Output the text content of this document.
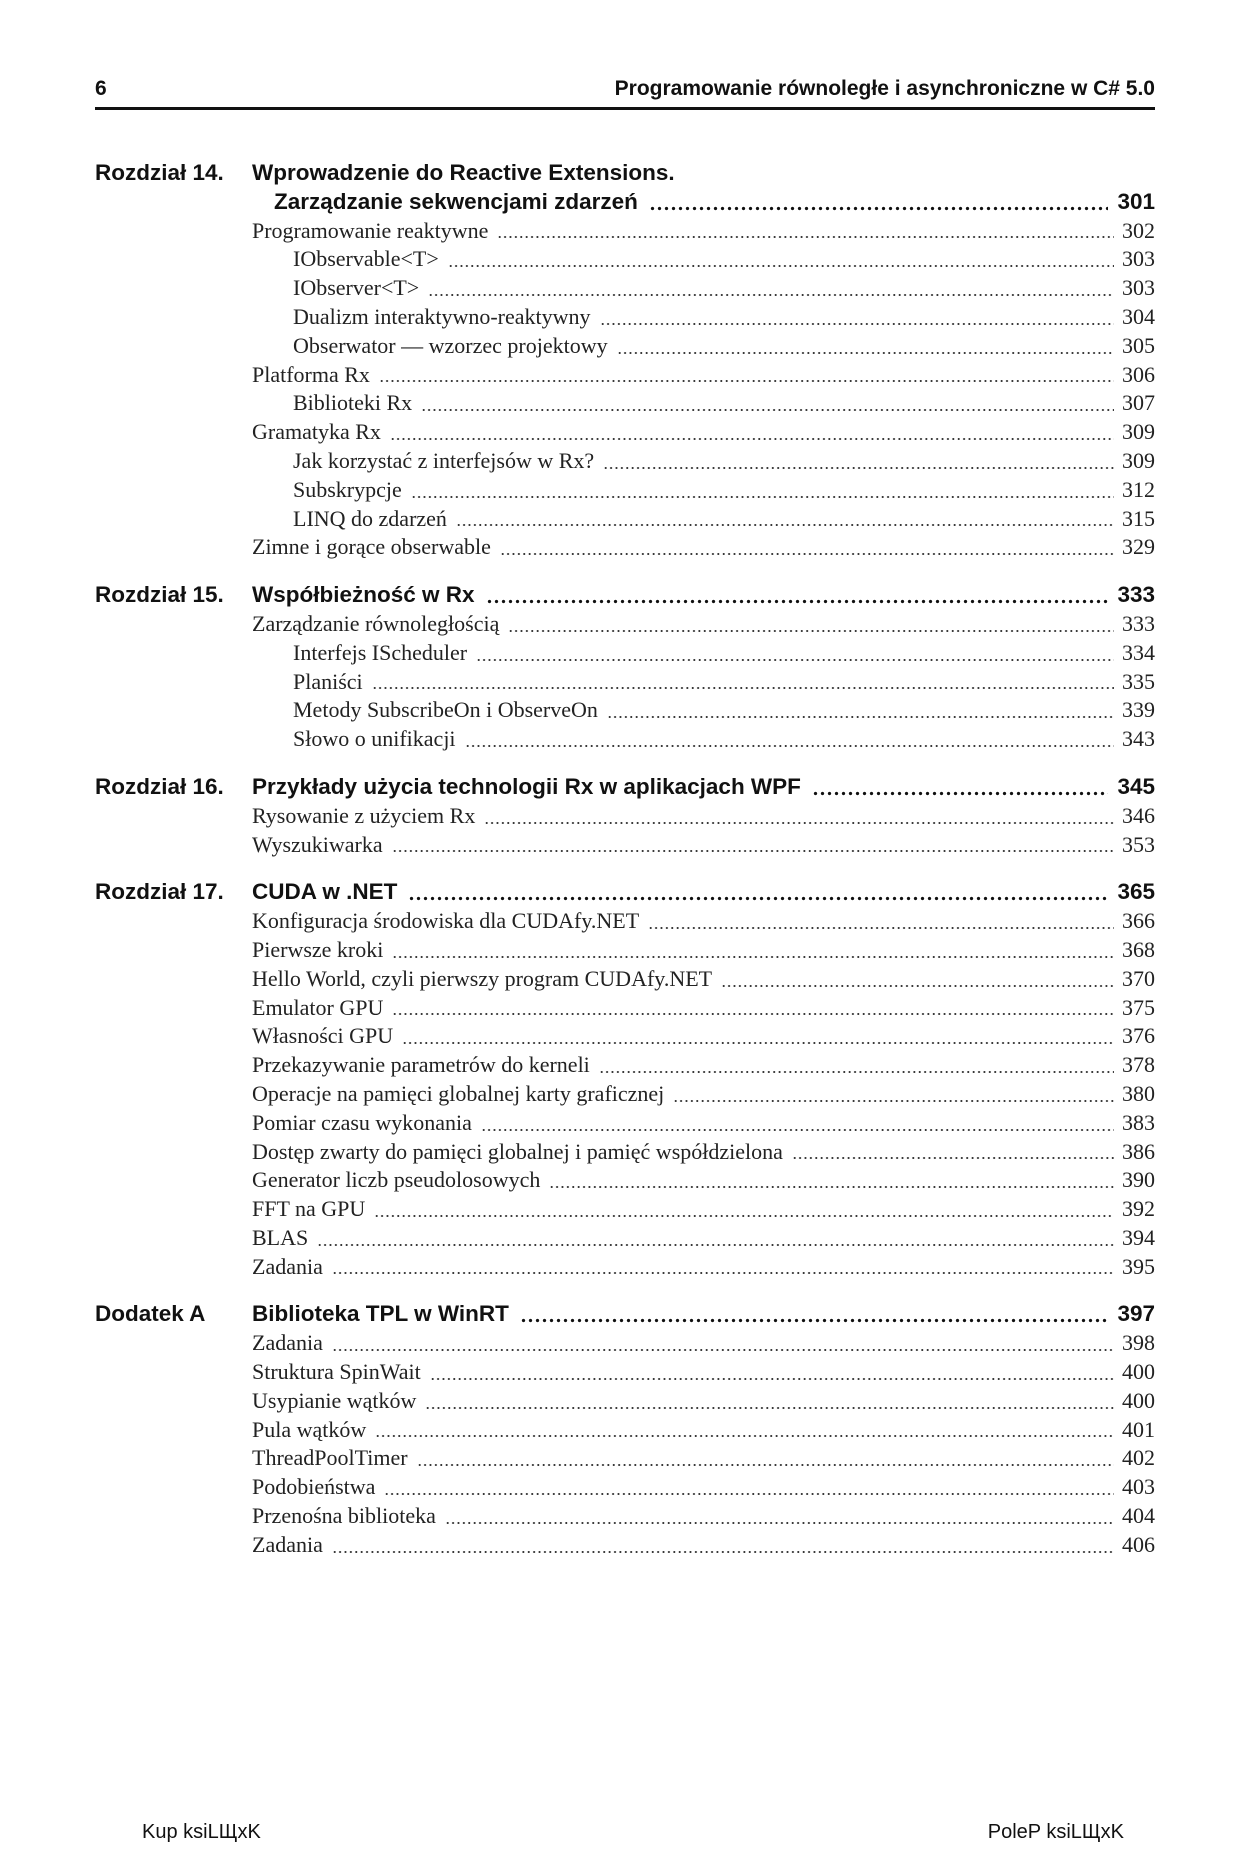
6	Programowanie równoległe i asynchroniczne w C# 5.0
Rozdział 14.	Wprowadzenie do Reactive Extensions.
Zarządzanie sekwencjami zdarzeń	301
Programowanie reaktywne	302
IObservable<T>	303
IObserver<T>	303
Dualizm interaktywno-reaktywny	304
Obserwator — wzorzec projektowy	305
Platforma Rx	306
Biblioteki Rx	307
Gramatyka Rx	309
Jak korzystać z interfejsów w Rx?	309
Subskrypcje	312
LINQ do zdarzeń	315
Zimne i gorące obserwable	329
Rozdział 15.	Współbieżność w Rx	333
Zarządzanie równoległością	333
Interfejs IScheduler	334
Planiści	335
Metody SubscribeOn i ObserveOn	339
Słowo o unifikacji	343
Rozdział 16.	Przykłady użycia technologii Rx w aplikacjach WPF	345
Rysowanie z użyciem Rx	346
Wyszukiwarka	353
Rozdział 17.	CUDA w .NET	365
Konfiguracja środowiska dla CUDAfy.NET	366
Pierwsze kroki	368
Hello World, czyli pierwszy program CUDAfy.NET	370
Emulator GPU	375
Własności GPU	376
Przekazywanie parametrów do kerneli	378
Operacje na pamięci globalnej karty graficznej	380
Pomiar czasu wykonania	383
Dostęp zwarty do pamięci globalnej i pamięć współdzielona	386
Generator liczb pseudolosowych	390
FFT na GPU	392
BLAS	394
Zadania	395
Dodatek A	Biblioteka TPL w WinRT	397
Zadania	398
Struktura SpinWait	400
Usypianie wątków	400
Pula wątków	401
ThreadPoolTimer	402
Podobieństwa	403
Przenośna biblioteka	404
Zadania	406
Kup ksiLЩxK	PoleP ksiLЩxK
